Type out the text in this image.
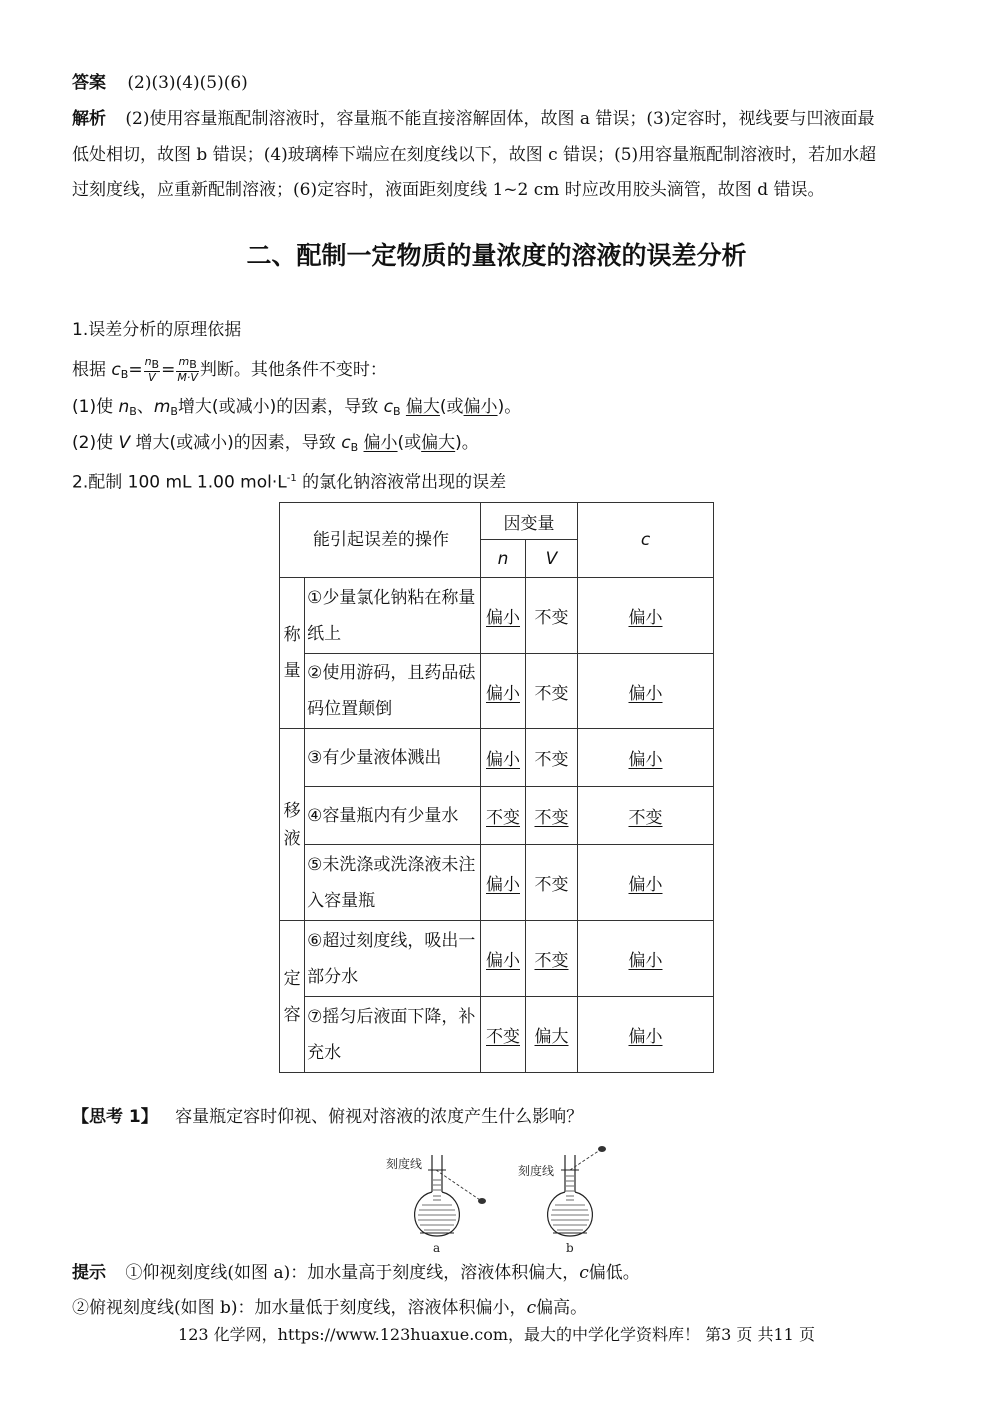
答案 (2)(3)(4)(5)(6)
解析 (2)使用容量瓶配制溶液时，容量瓶不能直接溶解固体，故图 a 错误；(3)定容时，视线要与凹液面最
低处相切，故图 b 错误；(4)玻璃棒下端应在刻度线以下，故图 c 错误；(5)用容量瓶配制溶液时，若加水超
过刻度线，应重新配制溶液；(6)定容时，液面距刻度线 1~2 cm 时应改用胶头滴管，故图 d 错误。
二、配制一定物质的量浓度的溶液的误差分析
1.误差分析的原理依据
根据 $c_B= \frac{n_B}{V} = \frac{m_B}{M\cdot V}$ 判断。其他条件不变时：
(1)使 $n_B$、$m_B$增大(或减小)的因素，导致 $c_B$ 偏大(或偏小)。
(2)使 V 增大(或减小)的因素，导致 $c_B$ 偏小(或偏大)。
2.配制 100 mL 1.00 $mol\cdot L^{-1}$ 的氯化钠溶液常出现的误差
能引起误差的操作		因变量		c
		n	V	

称量	①少量氯化钠粘在称量纸上	偏小	不变	偏小
	②使用游码，且药品砝码位置颠倒	偏小	不变	偏小

移液	③有少量液体溅出	偏小	不变	偏小
	④容量瓶内有少量水	不变	不变	不变
	⑤未洗涤或洗涤液未注入容量瓶	偏小	不变	偏小

定容	⑥超过刻度线，吸出一部分水	偏小	不变	偏小
	⑦摇匀后液面下降，补充水	不变	偏大	偏小
【思考 1】 容量瓶定容时仰视、俯视对溶液的浓度产生什么影响？
刻度线	刻度线
a	b
提示 ①仰视刻度线(如图 a)：加水量高于刻度线，溶液体积偏大，c偏低。
②俯视刻度线(如图 b)：加水量低于刻度线，溶液体积偏小，c偏高。
123 化学网，https://www.123huaxue.com，最大的中学化学资料库！ 第3 页 共11 页
